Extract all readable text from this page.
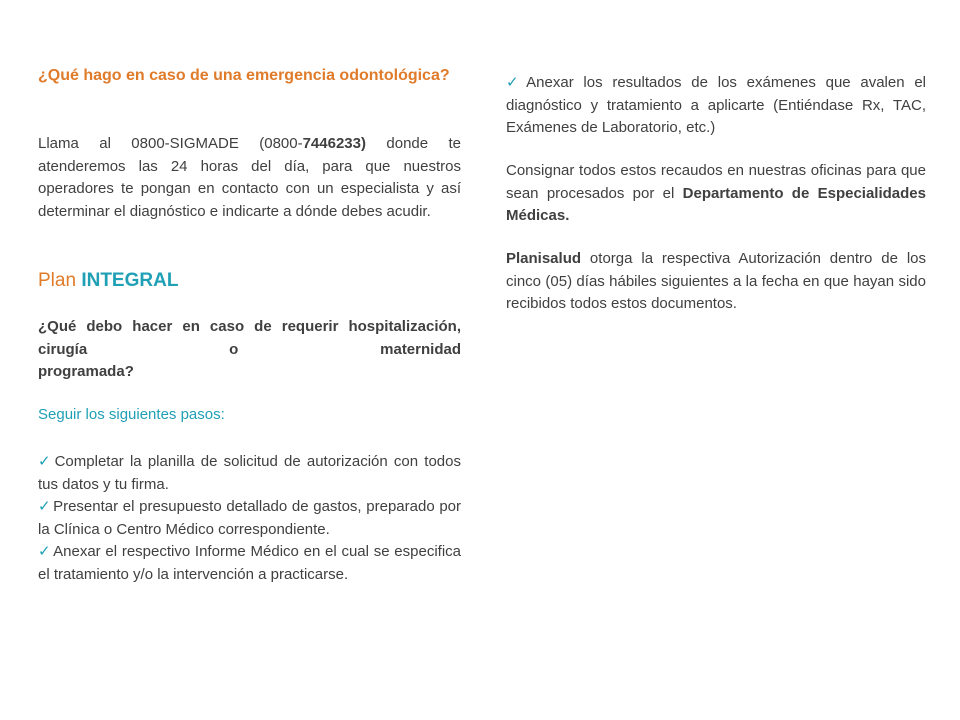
¿Qué hago en caso de una emergencia odontológica?

Llama al 0800-SIGMADE (0800-7446233) donde te atenderemos las 24 horas del día, para que nuestros operadores te pongan en contacto con un especialista y así determinar el diagnóstico e indicarte a dónde debes acudir.

Plan INTEGRAL

¿Qué debo hacer en caso de requerir hospitalización, cirugía o maternidad
programada?

Seguir los siguientes pasos:
✓ Completar la planilla de solicitud de autorización con todos tus datos y tu firma.
✓ Presentar el presupuesto detallado de gastos, preparado por la Clínica o Centro Médico correspondiente.
✓ Anexar el respectivo Informe Médico en el cual se especifica el tratamiento y/o la intervención a practicarse.

✓ Anexar los resultados de los exámenes que avalen el diagnóstico y tratamiento a aplicarte (Entiéndase Rx, TAC, Exámenes de Laboratorio, etc.)

Consignar todos estos recaudos en nuestras oficinas para que sean procesados por el Departamento de Especialidades Médicas.

Planisalud otorga la respectiva Autorización dentro de los cinco (05) días hábiles siguientes a la fecha en que hayan sido recibidos todos estos documentos.
